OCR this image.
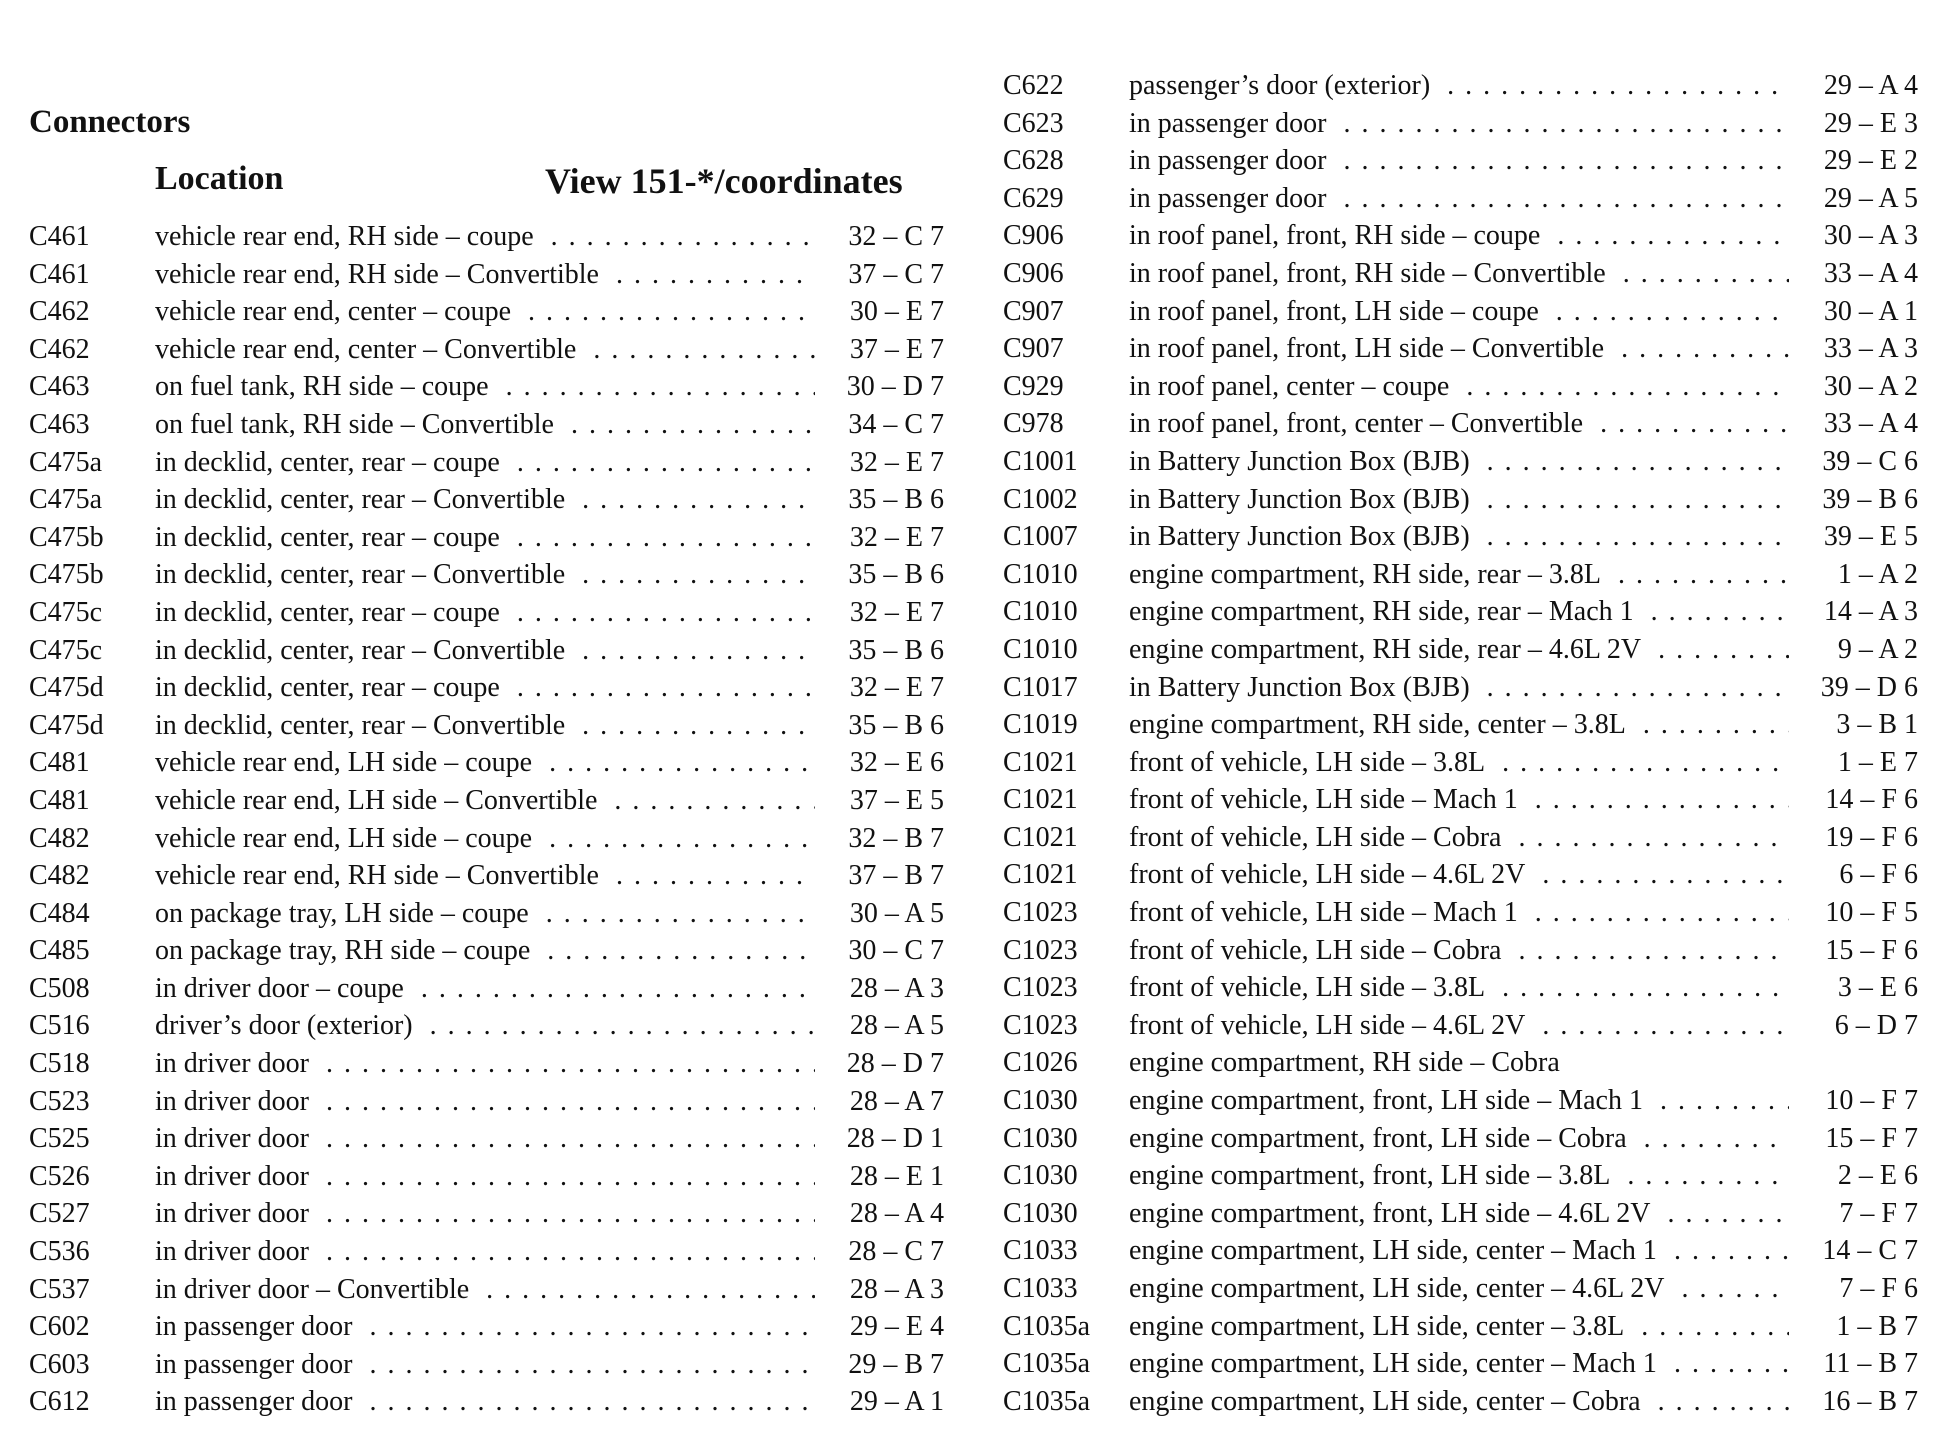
Connectors
Location	View 151-*/coordinates
C461 vehicle rear end, RH side – coupe . . .	32 – C 7
C461 vehicle rear end, RH side – Convertible . . .	37 – C 7
C462 vehicle rear end, center – coupe . . .	30 – E 7
C462 vehicle rear end, center – Convertible . . .	37 – E 7
C463 on fuel tank, RH side – coupe . . .	30 – D 7
C463 on fuel tank, RH side – Convertible . . .	34 – C 7
C475a in decklid, center, rear – coupe . . .	32 – E 7
C475a in decklid, center, rear – Convertible . . .	35 – B 6
C475b in decklid, center, rear – coupe . . .	32 – E 7
C475b in decklid, center, rear – Convertible . . .	35 – B 6
C475c in decklid, center, rear – coupe . . .	32 – E 7
C475c in decklid, center, rear – Convertible . . .	35 – B 6
C475d in decklid, center, rear – coupe . . .	32 – E 7
C475d in decklid, center, rear – Convertible . . .	35 – B 6
C481 vehicle rear end, LH side – coupe . . .	32 – E 6
C481 vehicle rear end, LH side – Convertible . . .	37 – E 5
C482 vehicle rear end, LH side – coupe . . .	32 – B 7
C482 vehicle rear end, RH side – Convertible . . .	37 – B 7
C484 on package tray, LH side – coupe . . .	30 – A 5
C485 on package tray, RH side – coupe . . .	30 – C 7
C508 in driver door – coupe . . .	28 – A 3
C516 driver’s door (exterior) . . .	28 – A 5
C518 in driver door . . .	28 – D 7
C523 in driver door . . .	28 – A 7
C525 in driver door . . .	28 – D 1
C526 in driver door . . .	28 – E 1
C527 in driver door . . .	28 – A 4
C536 in driver door . . .	28 – C 7
C537 in driver door – Convertible . . .	28 – A 3
C602 in passenger door . . .	29 – E 4
C603 in passenger door . . .	29 – B 7
C612 in passenger door . . .	29 – A 1
C622 passenger’s door (exterior) . . .	29 – A 4
C623 in passenger door . . .	29 – E 3
C628 in passenger door . . .	29 – E 2
C629 in passenger door . . .	29 – A 5
C906 in roof panel, front, RH side – coupe . . .	30 – A 3
C906 in roof panel, front, RH side – Convertible . . .	33 – A 4
C907 in roof panel, front, LH side – coupe . . .	30 – A 1
C907 in roof panel, front, LH side – Convertible . . .	33 – A 3
C929 in roof panel, center – coupe . . .	30 – A 2
C978 in roof panel, front, center – Convertible . . .	33 – A 4
C1001 in Battery Junction Box (BJB) . . .	39 – C 6
C1002 in Battery Junction Box (BJB) . . .	39 – B 6
C1007 in Battery Junction Box (BJB) . . .	39 – E 5
C1010 engine compartment, RH side, rear – 3.8L . . .	1 – A 2
C1010 engine compartment, RH side, rear – Mach 1 . . .	14 – A 3
C1010 engine compartment, RH side, rear – 4.6L 2V . . .	9 – A 2
C1017 in Battery Junction Box (BJB) . . .	39 – D 6
C1019 engine compartment, RH side, center – 3.8L . . .	3 – B 1
C1021 front of vehicle, LH side – 3.8L . . .	1 – E 7
C1021 front of vehicle, LH side – Mach 1 . . .	14 – F 6
C1021 front of vehicle, LH side – Cobra . . .	19 – F 6
C1021 front of vehicle, LH side – 4.6L 2V . . .	6 – F 6
C1023 front of vehicle, LH side – Mach 1 . . .	10 – F 5
C1023 front of vehicle, LH side – Cobra . . .	15 – F 6
C1023 front of vehicle, LH side – 3.8L . . .	3 – E 6
C1023 front of vehicle, LH side – 4.6L 2V . . .	6 – D 7
C1026 engine compartment, RH side – Cobra
C1030 engine compartment, front, LH side – Mach 1 . . .	10 – F 7
C1030 engine compartment, front, LH side – Cobra . . .	15 – F 7
C1030 engine compartment, front, LH side – 3.8L . . .	2 – E 6
C1030 engine compartment, front, LH side – 4.6L 2V . . .	7 – F 7
C1033 engine compartment, LH side, center – Mach 1 . . .	14 – C 7
C1033 engine compartment, LH side, center – 4.6L 2V . . .	7 – F 6
C1035a engine compartment, LH side, center – 3.8L . . .	1 – B 7
C1035a engine compartment, LH side, center – Mach 1 . . .	11 – B 7
C1035a engine compartment, LH side, center – Cobra . . .	16 – B 7
